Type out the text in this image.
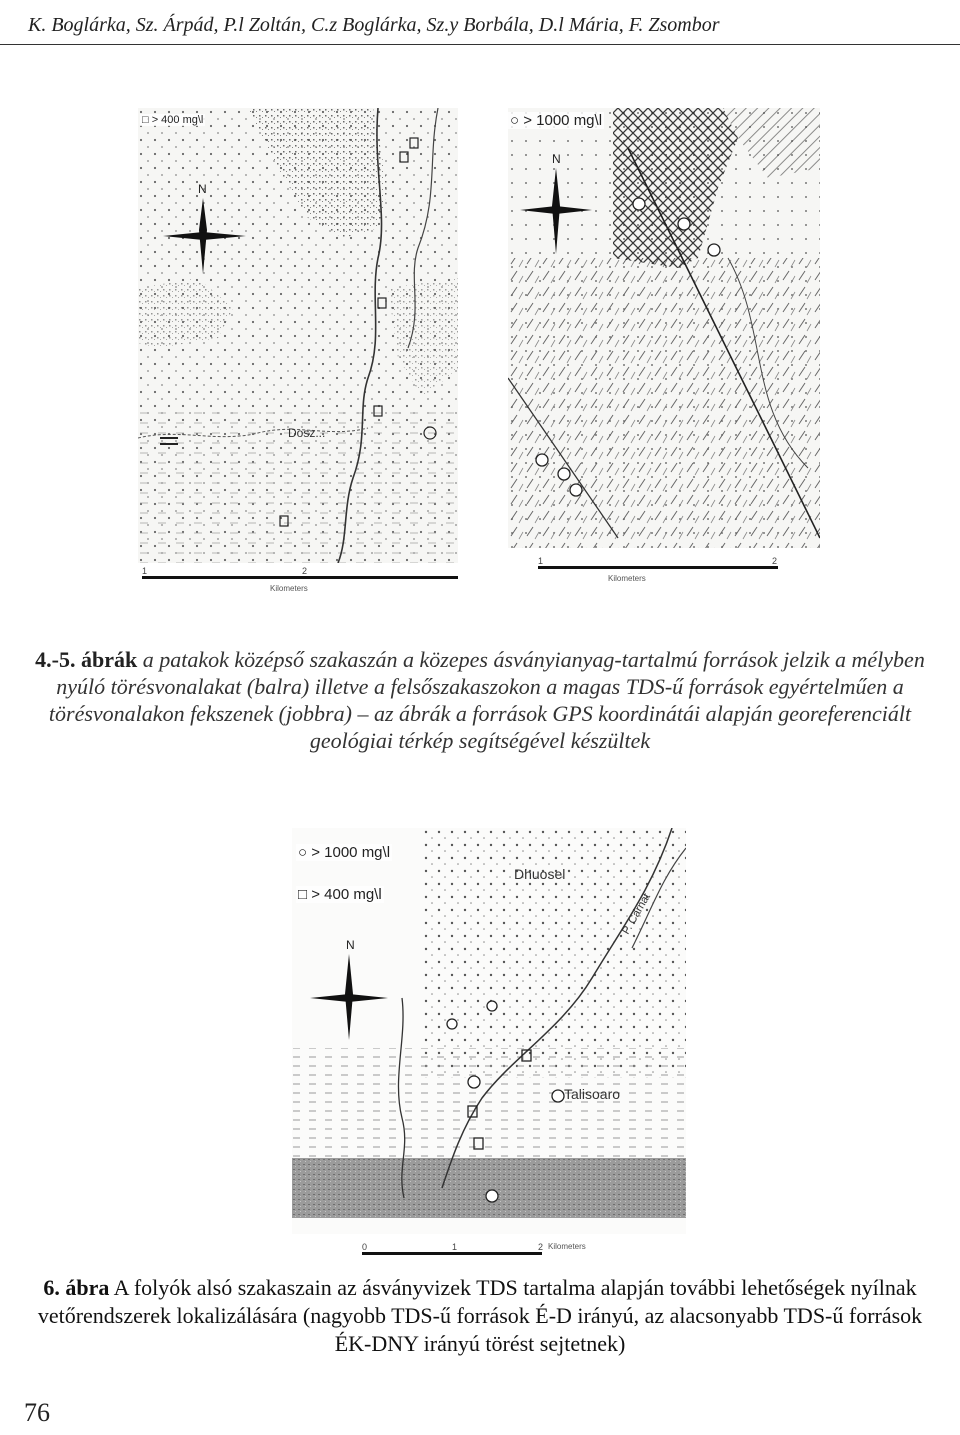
K. Boglárka, Sz. Árpád, P.l Zoltán, C.z Boglárka, Sz.y Borbála, D.l Mária, F. Zsombor
□ > 400 mg\l
Dosz...
N
1	2
Kilometers
○ > 1000 mg\l
N
1	2
Kilometers
4.-5. ábrák a patakok középső szakaszán a közepes ásványianyag-tartalmú források jelzik a mélyben nyúló törésvonalakat (balra) illetve a felsőszakaszokon a magas TDS-ű források egyértelműen a törésvonalakon fekszenek (jobbra) – az ábrák a források GPS koordinátái alapján georeferenciált geológiai térkép segítségével készültek
○ > 1000 mg\l
□ > 400 mg\l
Dhuosel
Talisoaro
P. Carnat
N
0	1	2 Kilometers
6. ábra A folyók alsó szakaszain az ásványvizek TDS tartalma alapján további lehetőségek nyílnak vetőrendszerek lokalizálására (nagyobb TDS-ű források É-D irányú, az alacsonyabb TDS-ű források ÉK-DNY irányú törést sejtetnek)
76
